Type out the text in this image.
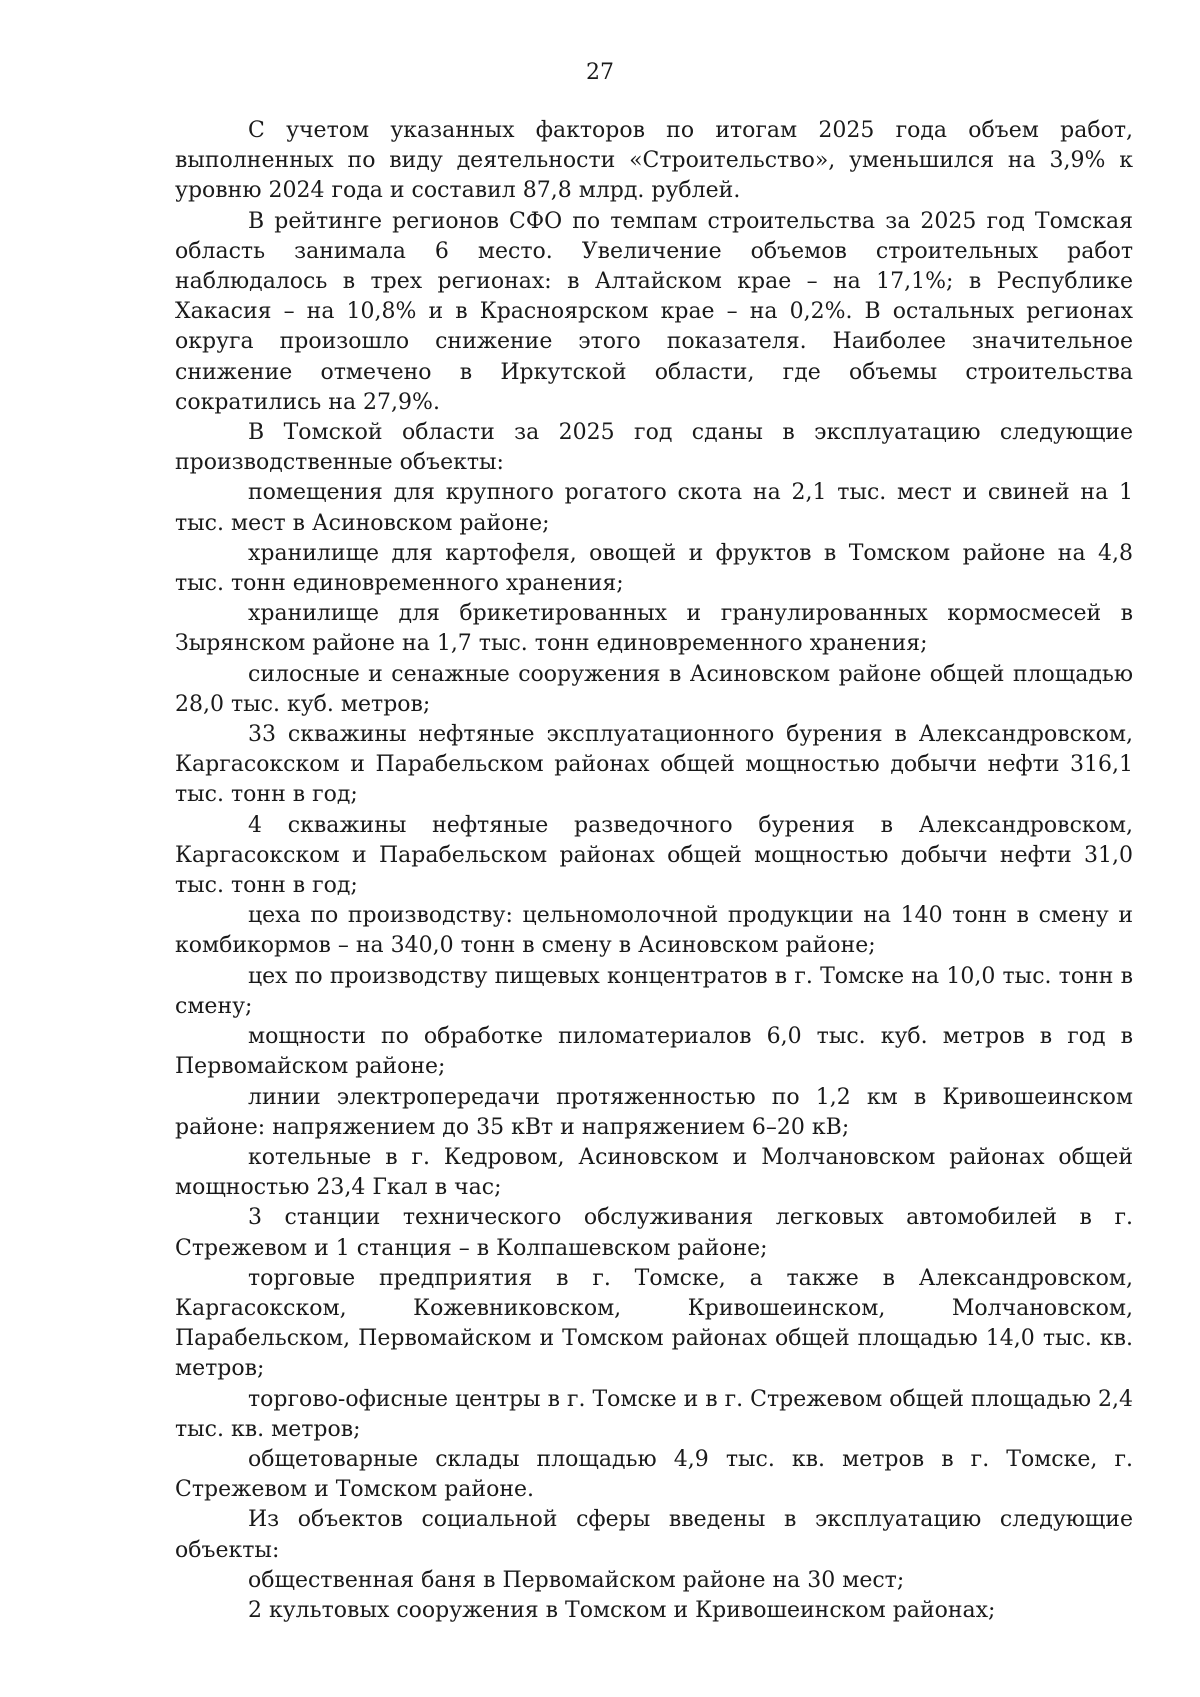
27

С учетом указанных факторов по итогам 2025 года объем работ, выполненных по виду деятельности «Строительство», уменьшился на 3,9% к уровню 2024 года и составил 87,8 млрд. рублей.

В рейтинге регионов СФО по темпам строительства за 2025 год Томская область занимала 6 место. Увеличение объемов строительных работ наблюдалось в трех регионах: в Алтайском крае – на 17,1%; в Республике Хакасия – на 10,8% и в Красноярском крае – на 0,2%. В остальных регионах округа произошло снижение этого показателя. Наиболее значительное снижение отмечено в Иркутской области, где объемы строительства сократились на 27,9%.

В Томской области за 2025 год сданы в эксплуатацию следующие производственные объекты:

помещения для крупного рогатого скота на 2,1 тыс. мест и свиней на 1 тыс. мест в Асиновском районе;

хранилище для картофеля, овощей и фруктов в Томском районе на 4,8 тыс. тонн единовременного хранения;

хранилище для брикетированных и гранулированных кормосмесей в Зырянском районе на 1,7 тыс. тонн единовременного хранения;

силосные и сенажные сооружения в Асиновском районе общей площадью 28,0 тыс. куб. метров;

33 скважины нефтяные эксплуатационного бурения в Александровском, Каргасокском и Парабельском районах общей мощностью добычи нефти 316,1 тыс. тонн в год;

4 скважины нефтяные разведочного бурения в Александровском, Каргасокском и Парабельском районах общей мощностью добычи нефти 31,0 тыс. тонн в год;

цеха по производству: цельномолочной продукции на 140 тонн в смену и комбикормов – на 340,0 тонн в смену в Асиновском районе;

цех по производству пищевых концентратов в г. Томске на 10,0 тыс. тонн в смену;

мощности по обработке пиломатериалов 6,0 тыс. куб. метров в год в Первомайском районе;

линии электропередачи протяженностью по 1,2 км в Кривошеинском районе: напряжением до 35 кВт и напряжением 6–20 кВ;

котельные в г. Кедровом, Асиновском и Молчановском районах общей мощностью 23,4 Гкал в час;

3 станции технического обслуживания легковых автомобилей в г. Стрежевом и 1 станция – в Колпашевском районе;

торговые предприятия в г. Томске, а также в Александровском, Каргасокском, Кожевниковском, Кривошеинском, Молчановском, Парабельском, Первомайском и Томском районах общей площадью 14,0 тыс. кв. метров;

торгово-офисные центры в г. Томске и в г. Стрежевом общей площадью 2,4 тыс. кв. метров;

общетоварные склады площадью 4,9 тыс. кв. метров в г. Томске, г. Стрежевом и Томском районе.

Из объектов социальной сферы введены в эксплуатацию следующие объекты:

общественная баня в Первомайском районе на 30 мест;

2 культовых сооружения в Томском и Кривошеинском районах;
